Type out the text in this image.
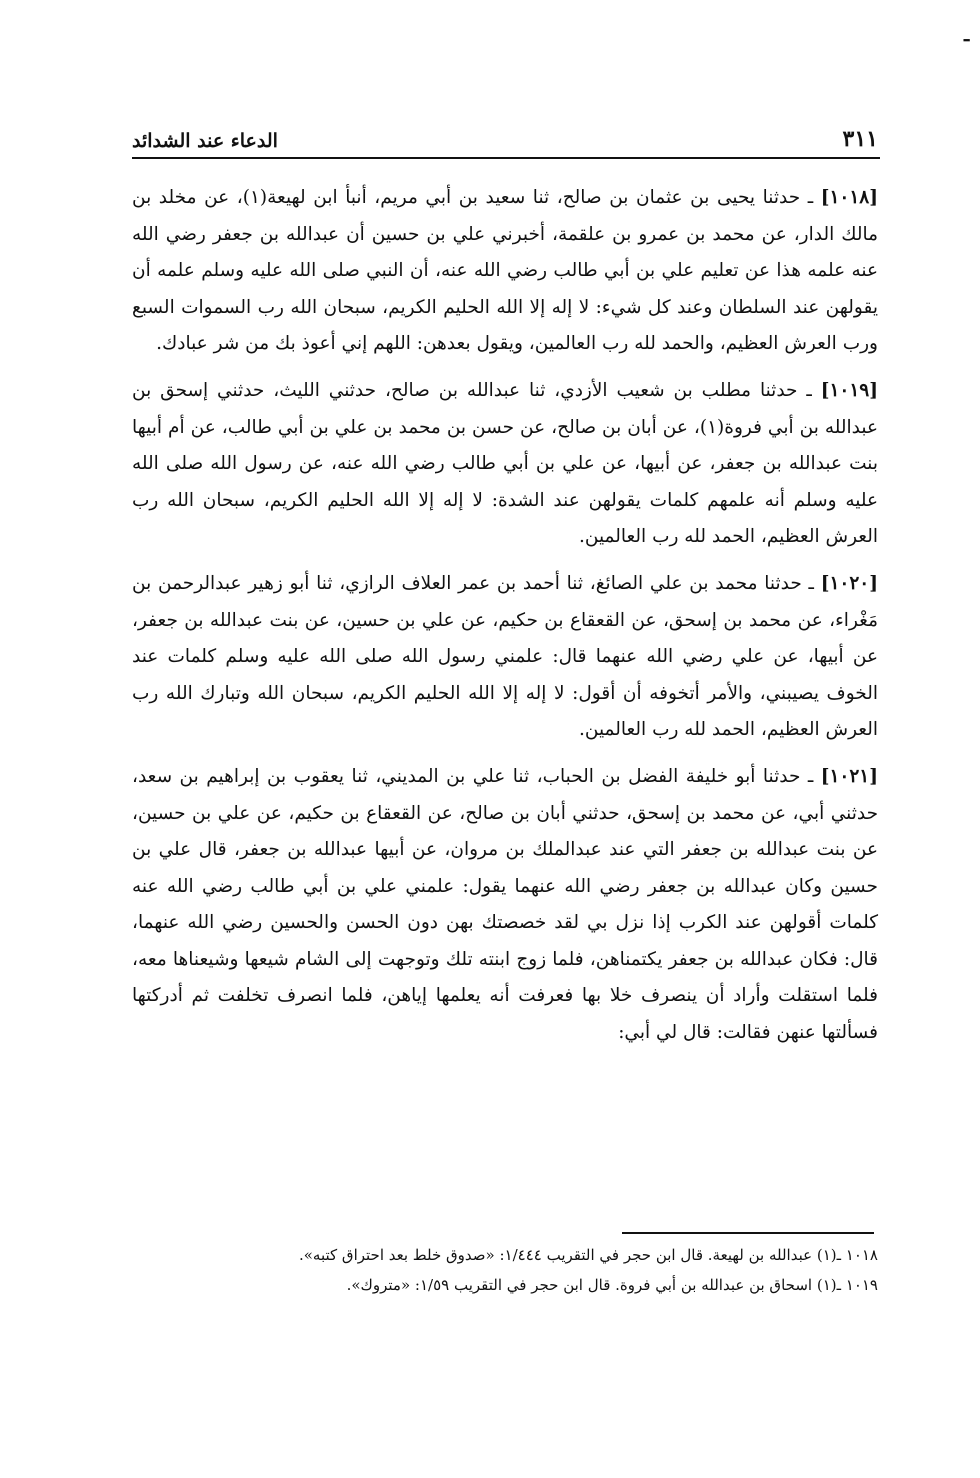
ـ
الدعاء عند الشدائد	٣١١

[١٠١٨] ـ حدثنا يحيى بن عثمان بن صالح، ثنا سعيد بن أبي مريم، أنبأ ابن لهيعة(١)، عن مخلد بن مالك الدار، عن محمد بن عمرو بن علقمة، أخبرني علي بن حسين أن عبدالله بن جعفر رضي الله عنه علمه هذا عن تعليم علي بن أبي طالب رضي الله عنه، أن النبي صلى الله عليه وسلم علمه أن يقولهن عند السلطان وعند كل شيء: لا إله إلا الله الحليم الكريم، سبحان الله رب السموات السبع ورب العرش العظيم، والحمد لله رب العالمين، ويقول بعدهن: اللهم إني أعوذ بك من شر عبادك.

[١٠١٩] ـ حدثنا مطلب بن شعيب الأزدي، ثنا عبدالله بن صالح، حدثني الليث، حدثني إسحق بن عبدالله بن أبي فروة(١)، عن أبان بن صالح، عن حسن بن محمد بن علي بن أبي طالب، عن أم أبيها بنت عبدالله بن جعفر، عن أبيها، عن علي بن أبي طالب رضي الله عنه، عن رسول الله صلى الله عليه وسلم أنه علمهم كلمات يقولهن عند الشدة: لا إله إلا الله الحليم الكريم، سبحان الله رب العرش العظيم، الحمد لله رب العالمين.

[١٠٢٠] ـ حدثنا محمد بن علي الصائغ، ثنا أحمد بن عمر العلاف الرازي، ثنا أبو زهير عبدالرحمن بن مَغْراء، عن محمد بن إسحق، عن القعقاع بن حكيم، عن علي بن حسين، عن بنت عبدالله بن جعفر، عن أبيها، عن علي رضي الله عنهما قال: علمني رسول الله صلى الله عليه وسلم كلمات عند الخوف يصيبني، والأمر أتخوفه أن أقول: لا إله إلا الله الحليم الكريم، سبحان الله وتبارك الله رب العرش العظيم، الحمد لله رب العالمين.

[١٠٢١] ـ حدثنا أبو خليفة الفضل بن الحباب، ثنا علي بن المديني، ثنا يعقوب بن إبراهيم بن سعد، حدثني أبي، عن محمد بن إسحق، حدثني أبان بن صالح، عن القعقاع بن حكيم، عن علي بن حسين، عن بنت عبدالله بن جعفر التي عند عبدالملك بن مروان، عن أبيها عبدالله بن جعفر، قال علي بن حسين وكان عبدالله بن جعفر رضي الله عنهما يقول: علمني علي بن أبي طالب رضي الله عنه كلمات أقولهن عند الكرب إذا نزل بي لقد خصصتك بهن دون الحسن والحسين رضي الله عنهما، قال: فكان عبدالله بن جعفر يكتمناهن، فلما زوج ابنته تلك وتوجهت إلى الشام شيعها وشيعناها معه، فلما استقلت وأراد أن ينصرف خلا بها فعرفت أنه يعلمها إياهن، فلما انصرف تخلفت ثم أدركتها فسألتها عنهن فقالت: قال لي أبي:

١٠١٨ ـ(١) عبدالله بن لهيعة. قال ابن حجر في التقريب ١/٤٤٤: «صدوق خلط بعد احتراق كتبه».

١٠١٩ ـ(١) اسحاق بن عبدالله بن أبي فروة. قال ابن حجر في التقريب ١/٥٩: «متروك».
